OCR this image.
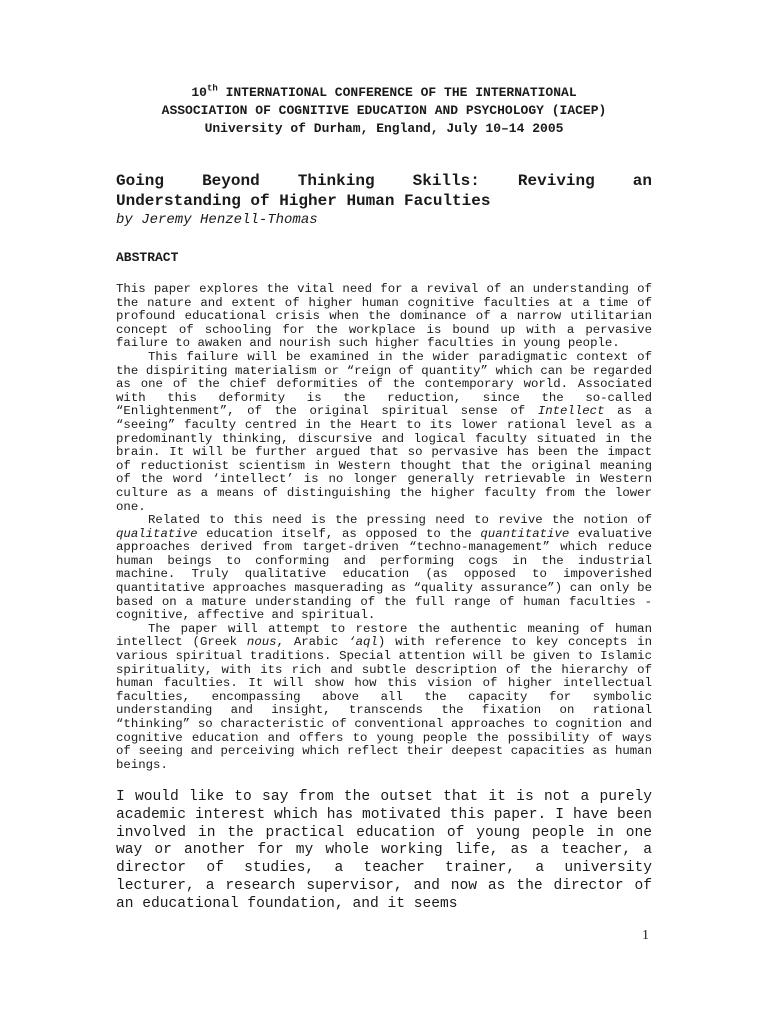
10th INTERNATIONAL CONFERENCE OF THE INTERNATIONAL
ASSOCIATION OF COGNITIVE EDUCATION AND PSYCHOLOGY (IACEP)
University of Durham, England, July 10–14 2005
Going Beyond Thinking Skills: Reviving an
Understanding of Higher Human Faculties
by Jeremy Henzell-Thomas
ABSTRACT

This paper explores the vital need for a revival of an understanding of the nature and extent of higher human cognitive faculties at a time of profound educational crisis when the dominance of a narrow utilitarian concept of schooling for the workplace is bound up with a pervasive failure to awaken and nourish such higher faculties in young people.

This failure will be examined in the wider paradigmatic context of the dispiriting materialism or “reign of quantity” which can be regarded as one of the chief deformities of the contemporary world. Associated with this deformity is the reduction, since the so-called “Enlightenment”, of the original spiritual sense of Intellect as a “seeing” faculty centred in the Heart to its lower rational level as a predominantly thinking, discursive and logical faculty situated in the brain. It will be further argued that so pervasive has been the impact of reductionist scientism in Western thought that the original meaning of the word ‘intellect’ is no longer generally retrievable in Western culture as a means of distinguishing the higher faculty from the lower one.

Related to this need is the pressing need to revive the notion of qualitative education itself, as opposed to the quantitative evaluative approaches derived from target-driven “techno-management” which reduce human beings to conforming and performing cogs in the industrial machine. Truly qualitative education (as opposed to impoverished quantitative approaches masquerading as “quality assurance”) can only be based on a mature understanding of the full range of human faculties - cognitive, affective and spiritual.

The paper will attempt to restore the authentic meaning of human intellect (Greek nous, Arabic ‘aql) with reference to key concepts in various spiritual traditions. Special attention will be given to Islamic spirituality, with its rich and subtle description of the hierarchy of human faculties. It will show how this vision of higher intellectual faculties, encompassing above all the capacity for symbolic understanding and insight, transcends the fixation on rational “thinking” so characteristic of conventional approaches to cognition and cognitive education and offers to young people the possibility of ways of seeing and perceiving which reflect their deepest capacities as human beings.

I would like to say from the outset that it is not a purely academic interest which has motivated this paper. I have been involved in the practical education of young people in one way or another for my whole working life, as a teacher, a director of studies, a teacher trainer, a university lecturer, a research supervisor, and now as the director of an educational foundation, and it seems

1
